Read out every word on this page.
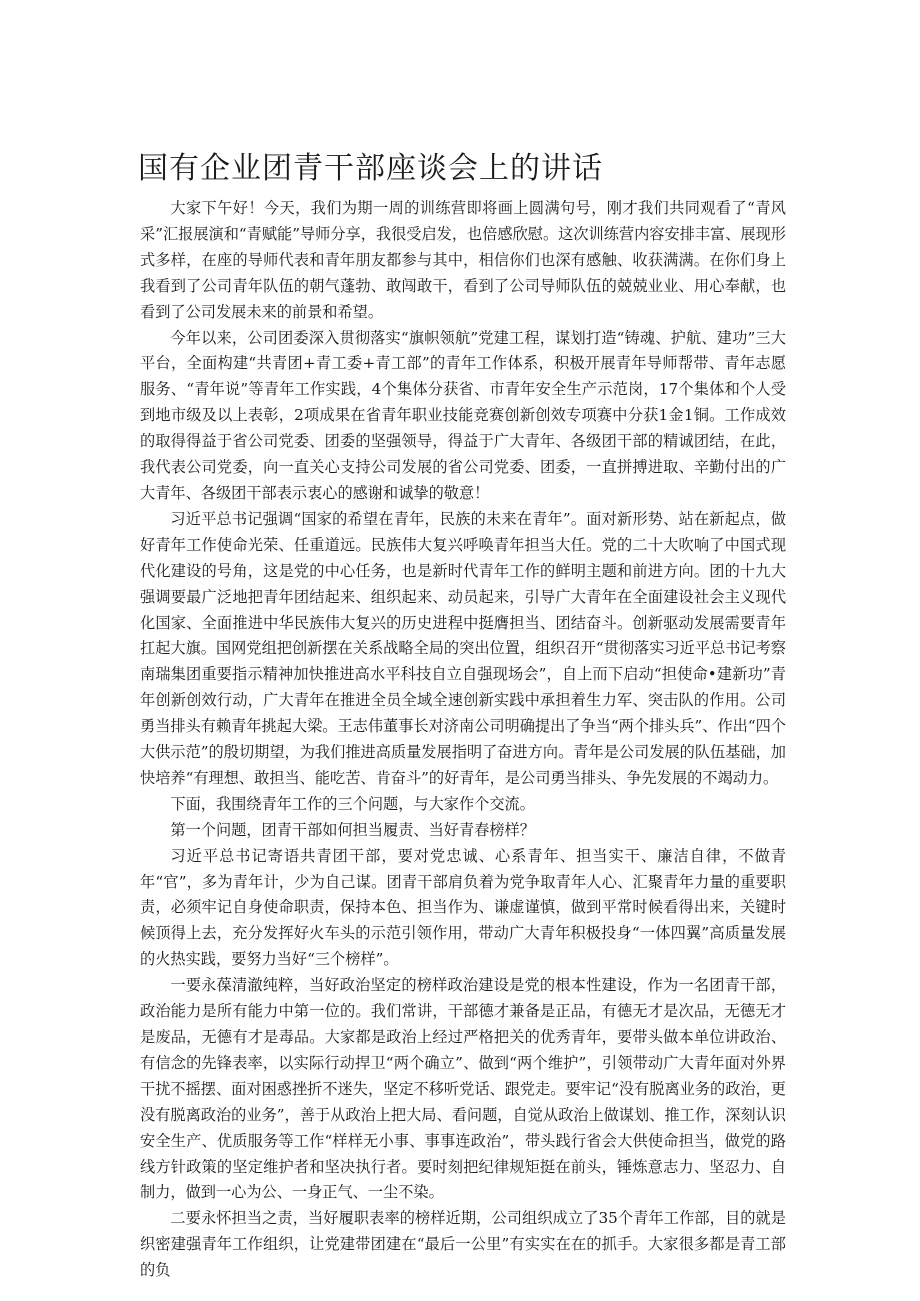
国有企业团青干部座谈会上的讲话

大家下午好！今天，我们为期一周的训练营即将画上圆满句号，刚才我们共同观看了“青风采”汇报展演和“青赋能”导师分享，我很受启发，也倍感欣慰。这次训练营内容安排丰富、展现形式多样，在座的导师代表和青年朋友都参与其中，相信你们也深有感触、收获满满。在你们身上我看到了公司青年队伍的朝气蓬勃、敢闯敢干，看到了公司导师队伍的兢兢业业、用心奉献，也看到了公司发展未来的前景和希望。

今年以来，公司团委深入贯彻落实“旗帜领航”党建工程，谋划打造“铸魂、护航、建功”三大平台，全面构建“共青团+青工委+青工部”的青年工作体系，积极开展青年导师帮带、青年志愿服务、“青年说”等青年工作实践，4个集体分获省、市青年安全生产示范岗，17个集体和个人受到地市级及以上表彰，2项成果在省青年职业技能竞赛创新创效专项赛中分获1金1铜。工作成效的取得得益于省公司党委、团委的坚强领导，得益于广大青年、各级团干部的精诚团结，在此，我代表公司党委，向一直关心支持公司发展的省公司党委、团委，一直拼搏进取、辛勤付出的广大青年、各级团干部表示衷心的感谢和诚挚的敬意！

习近平总书记强调“国家的希望在青年，民族的未来在青年”。面对新形势、站在新起点，做好青年工作使命光荣、任重道远。民族伟大复兴呼唤青年担当大任。党的二十大吹响了中国式现代化建设的号角，这是党的中心任务，也是新时代青年工作的鲜明主题和前进方向。团的十九大强调要最广泛地把青年团结起来、组织起来、动员起来，引导广大青年在全面建设社会主义现代化国家、全面推进中华民族伟大复兴的历史进程中挺膺担当、团结奋斗。创新驱动发展需要青年扛起大旗。国网党组把创新摆在关系战略全局的突出位置，组织召开“贯彻落实习近平总书记考察南瑞集团重要指示精神加快推进高水平科技自立自强现场会”，自上而下启动“担使命•建新功”青年创新创效行动，广大青年在推进全员全域全速创新实践中承担着生力军、突击队的作用。公司勇当排头有赖青年挑起大梁。王志伟董事长对济南公司明确提出了争当“两个排头兵”、作出“四个大供示范”的殷切期望，为我们推进高质量发展指明了奋进方向。青年是公司发展的队伍基础，加快培养“有理想、敢担当、能吃苦、肯奋斗”的好青年，是公司勇当排头、争先发展的不竭动力。

下面，我围绕青年工作的三个问题，与大家作个交流。

第一个问题，团青干部如何担当履责、当好青春榜样？

习近平总书记寄语共青团干部，要对党忠诚、心系青年、担当实干、廉洁自律，不做青年“官”，多为青年计，少为自己谋。团青干部肩负着为党争取青年人心、汇聚青年力量的重要职责，必须牢记自身使命职责，保持本色、担当作为、谦虚谨慎，做到平常时候看得出来，关键时候顶得上去，充分发挥好火车头的示范引领作用，带动广大青年积极投身“一体四翼”高质量发展的火热实践，要努力当好“三个榜样”。

一要永葆清澈纯粹，当好政治坚定的榜样政治建设是党的根本性建设，作为一名团青干部，政治能力是所有能力中第一位的。我们常讲，干部德才兼备是正品，有德无才是次品，无德无才是废品，无德有才是毒品。大家都是政治上经过严格把关的优秀青年，要带头做本单位讲政治、有信念的先锋表率，以实际行动捍卫“两个确立”、做到“两个维护”，引领带动广大青年面对外界干扰不摇摆、面对困惑挫折不迷失，坚定不移听党话、跟党走。要牢记“没有脱离业务的政治，更没有脱离政治的业务”，善于从政治上把大局、看问题，自觉从政治上做谋划、推工作，深刻认识安全生产、优质服务等工作“样样无小事、事事连政治”，带头践行省会大供使命担当，做党的路线方针政策的坚定维护者和坚决执行者。要时刻把纪律规矩挺在前头，锤炼意志力、坚忍力、自制力，做到一心为公、一身正气、一尘不染。

二要永怀担当之责，当好履职表率的榜样近期，公司组织成立了35个青年工作部，目的就是织密建强青年工作组织，让党建带团建在“最后一公里”有实实在在的抓手。大家很多都是青工部的负
